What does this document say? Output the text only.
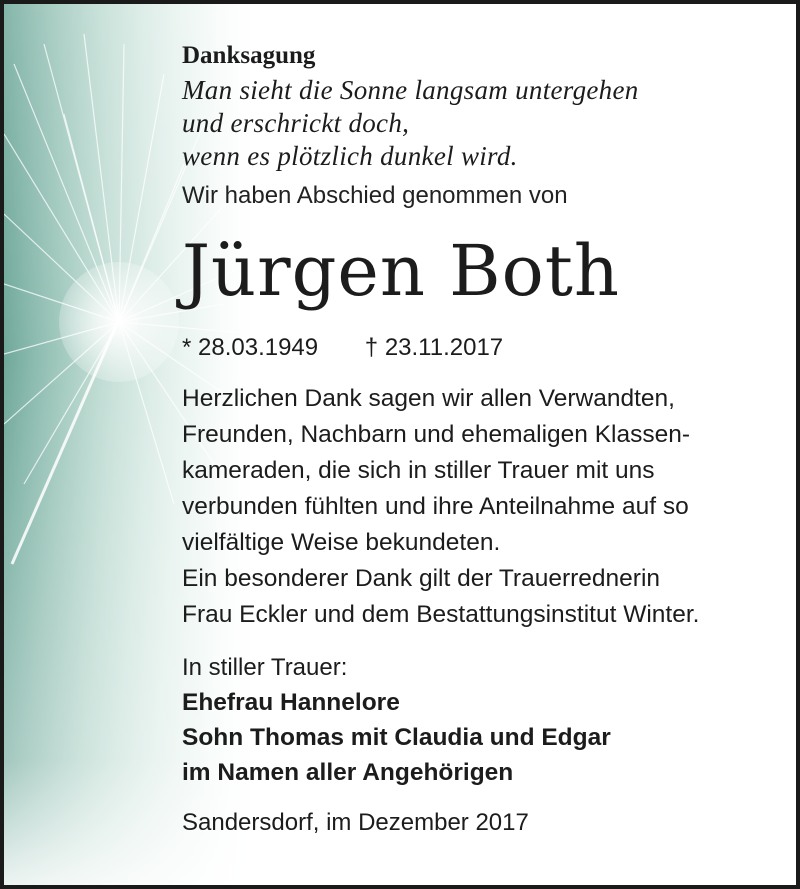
Danksagung
Man sieht die Sonne langsam untergehen
und erschrickt doch,
wenn es plötzlich dunkel wird.
Wir haben Abschied genommen von
Jürgen Both
* 28.03.1949 † 23.11.2017
Herzlichen Dank sagen wir allen Verwandten,
Freunden, Nachbarn und ehemaligen Klassen-
kameraden, die sich in stiller Trauer mit uns
verbunden fühlten und ihre Anteilnahme auf so
vielfältige Weise bekundeten.
Ein besonderer Dank gilt der Trauerrednerin
Frau Eckler und dem Bestattungsinstitut Winter.
In stiller Trauer:
Ehefrau Hannelore
Sohn Thomas mit Claudia und Edgar
im Namen aller Angehörigen
Sandersdorf, im Dezember 2017
